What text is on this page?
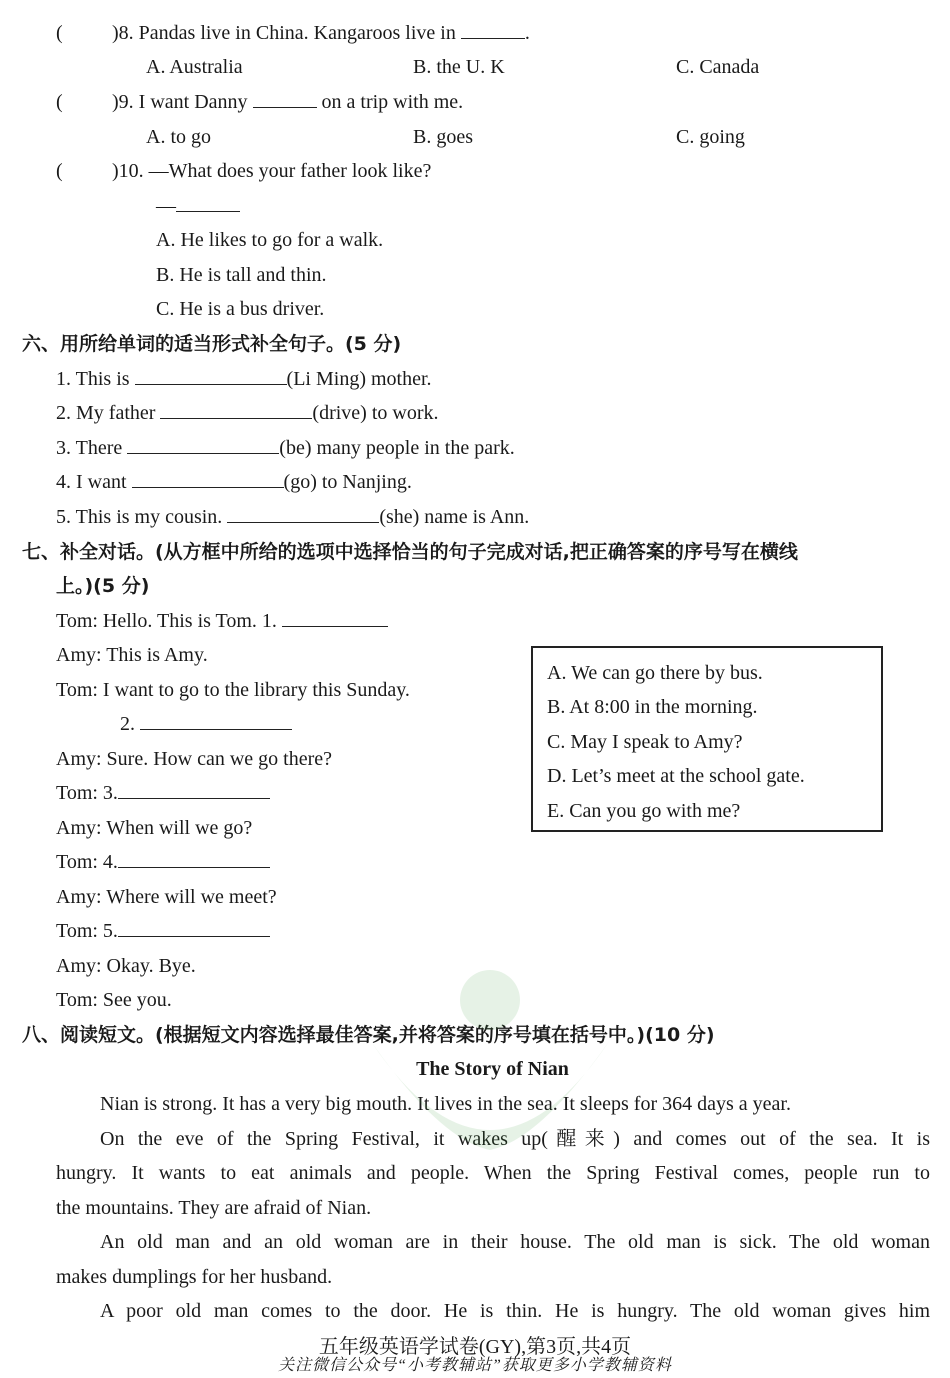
( )8. Pandas live in China. Kangaroos live in	.
A. Australia	B. the U. K	C. Canada
( )9. I want Danny	on a trip with me.
A. to go	B. goes	C. going
( )10. —What does your father look like?
—
A. He likes to go for a walk.
B. He is tall and thin.
C. He is a bus driver.
六、用所给单词的适当形式补全句子。(5 分)
1. This is	(Li Ming) mother.
2. My father	(drive) to work.
3. There	(be) many people in the park.
4. I want	(go) to Nanjing.
5. This is my cousin.	(she) name is Ann.
七、补全对话。(从方框中所给的选项中选择恰当的句子完成对话,把正确答案的序号写在横线
上。)(5 分)
Tom: Hello. This is Tom. 1.
Amy: This is Amy.
Tom: I want to go to the library this Sunday.
2.
Amy: Sure. How can we go there?
Tom: 3.
Amy: When will we go?
Tom: 4.
Amy: Where will we meet?
Tom: 5.
Amy: Okay. Bye.
Tom: See you.
A. We can go there by bus.
B. At 8:00 in the morning.
C. May I speak to Amy?
D. Let’s meet at the school gate.
E. Can you go with me?
八、阅读短文。(根据短文内容选择最佳答案,并将答案的序号填在括号中。)(10 分)
The Story of Nian
Nian is strong. It has a very big mouth. It lives in the sea. It sleeps for 364 days a year.
On the eve of the Spring Festival, it wakes up(醒来) and comes out of the sea. It is
hungry. It wants to eat animals and people. When the Spring Festival comes, people run to
the mountains. They are afraid of Nian.
An old man and an old woman are in their house. The old man is sick. The old woman
makes dumplings for her husband.
A poor old man comes to the door. He is thin. He is hungry. The old woman gives him
五年级英语学试卷(GY),第3页,共4页
关注微信公众号“小考教辅站”获取更多小学教辅资料
